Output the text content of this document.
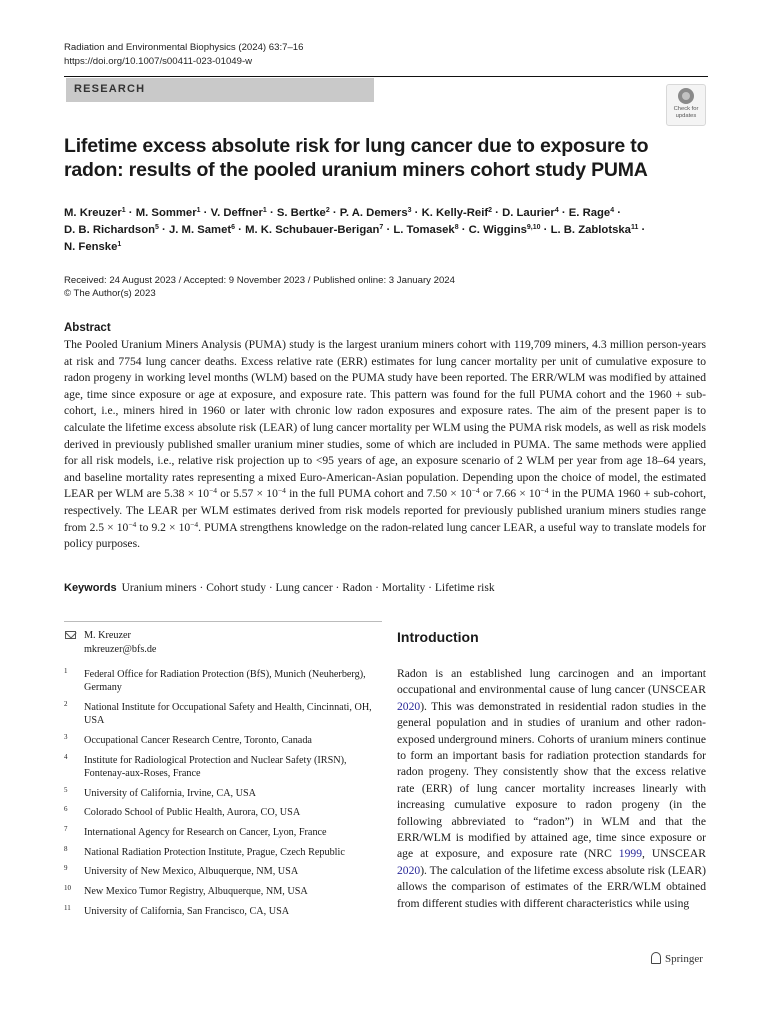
Radiation and Environmental Biophysics (2024) 63:7–16
https://doi.org/10.1007/s00411-023-01049-w
RESEARCH
Check for updates
Lifetime excess absolute risk for lung cancer due to exposure to radon: results of the pooled uranium miners cohort study PUMA
M. Kreuzer$^1$ · M. Sommer$^1$ · V. Deffner$^1$ · S. Bertke$^2$ · P. A. Demers$^3$ · K. Kelly-Reif$^2$ · D. Laurier$^4$ · E. Rage$^4$ ·
D. B. Richardson$^5$ · J. M. Samet$^6$ · M. K. Schubauer-Berigan$^7$ · L. Tomasek$^8$ · C. Wiggins$^{9,10}$ · L. B. Zablotska$^{11}$ ·
N. Fenske$^1$
Received: 24 August 2023 / Accepted: 9 November 2023 / Published online: 3 January 2024
© The Author(s) 2023
Abstract
The Pooled Uranium Miners Analysis (PUMA) study is the largest uranium miners cohort with 119,709 miners, 4.3 million person-years at risk and 7754 lung cancer deaths. Excess relative rate (ERR) estimates for lung cancer mortality per unit of cumulative exposure to radon progeny in working level months (WLM) based on the PUMA study have been reported. The ERR/WLM was modified by attained age, time since exposure or age at exposure, and exposure rate. This pattern was found for the full PUMA cohort and the 1960 + sub-cohort, i.e., miners hired in 1960 or later with chronic low radon exposures and exposure rates. The aim of the present paper is to calculate the lifetime excess absolute risk (LEAR) of lung cancer mortality per WLM using the PUMA risk models, as well as risk models derived in previously published smaller uranium miner studies, some of which are included in PUMA. The same methods were applied for all risk models, i.e., relative risk projection up to <95 years of age, an exposure scenario of 2 WLM per year from age 18–64 years, and baseline mortality rates representing a mixed Euro-American-Asian population. Depending upon the choice of model, the estimated LEAR per WLM are $5.38 \times 10^{-4}$ or $5.57 \times 10^{-4}$ in the full PUMA cohort and $7.50 \times 10^{-4}$ or $7.66 \times 10^{-4}$ in the PUMA 1960 + sub-cohort, respectively. The LEAR per WLM estimates derived from risk models reported for previously published uranium miners studies range from $2.5 \times 10^{-4}$ to $9.2 \times 10^{-4}$. PUMA strengthens knowledge on the radon-related lung cancer LEAR, a useful way to translate models for policy purposes.
Keywords Uranium miners · Cohort study · Lung cancer · Radon · Mortality · Lifetime risk
M. Kreuzer
mkreuzer@bfs.de
1 Federal Office for Radiation Protection (BfS), Munich (Neuherberg), Germany
2 National Institute for Occupational Safety and Health, Cincinnati, OH, USA
3 Occupational Cancer Research Centre, Toronto, Canada
4 Institute for Radiological Protection and Nuclear Safety (IRSN), Fontenay-aux-Roses, France
5 University of California, Irvine, CA, USA
6 Colorado School of Public Health, Aurora, CO, USA
7 International Agency for Research on Cancer, Lyon, France
8 National Radiation Protection Institute, Prague, Czech Republic
9 University of New Mexico, Albuquerque, NM, USA
10 New Mexico Tumor Registry, Albuquerque, NM, USA
11 University of California, San Francisco, CA, USA
Introduction
Radon is an established lung carcinogen and an important occupational and environmental cause of lung cancer (UNSCEAR 2020). This was demonstrated in residential radon studies in the general population and in studies of uranium and other radon-exposed underground miners. Cohorts of uranium miners continue to form an important basis for radiation protection standards for radon progeny. They consistently show that the excess relative rate (ERR) of lung cancer mortality increases linearly with increasing cumulative exposure to radon progeny (in the following abbreviated to “radon”) in WLM and that the ERR/WLM is modified by attained age, time since exposure or age at exposure, and exposure rate (NRC 1999, UNSCEAR 2020). The calculation of the lifetime excess absolute risk (LEAR) allows the comparison of estimates of the ERR/WLM obtained from different studies with different characteristics while using
Springer
